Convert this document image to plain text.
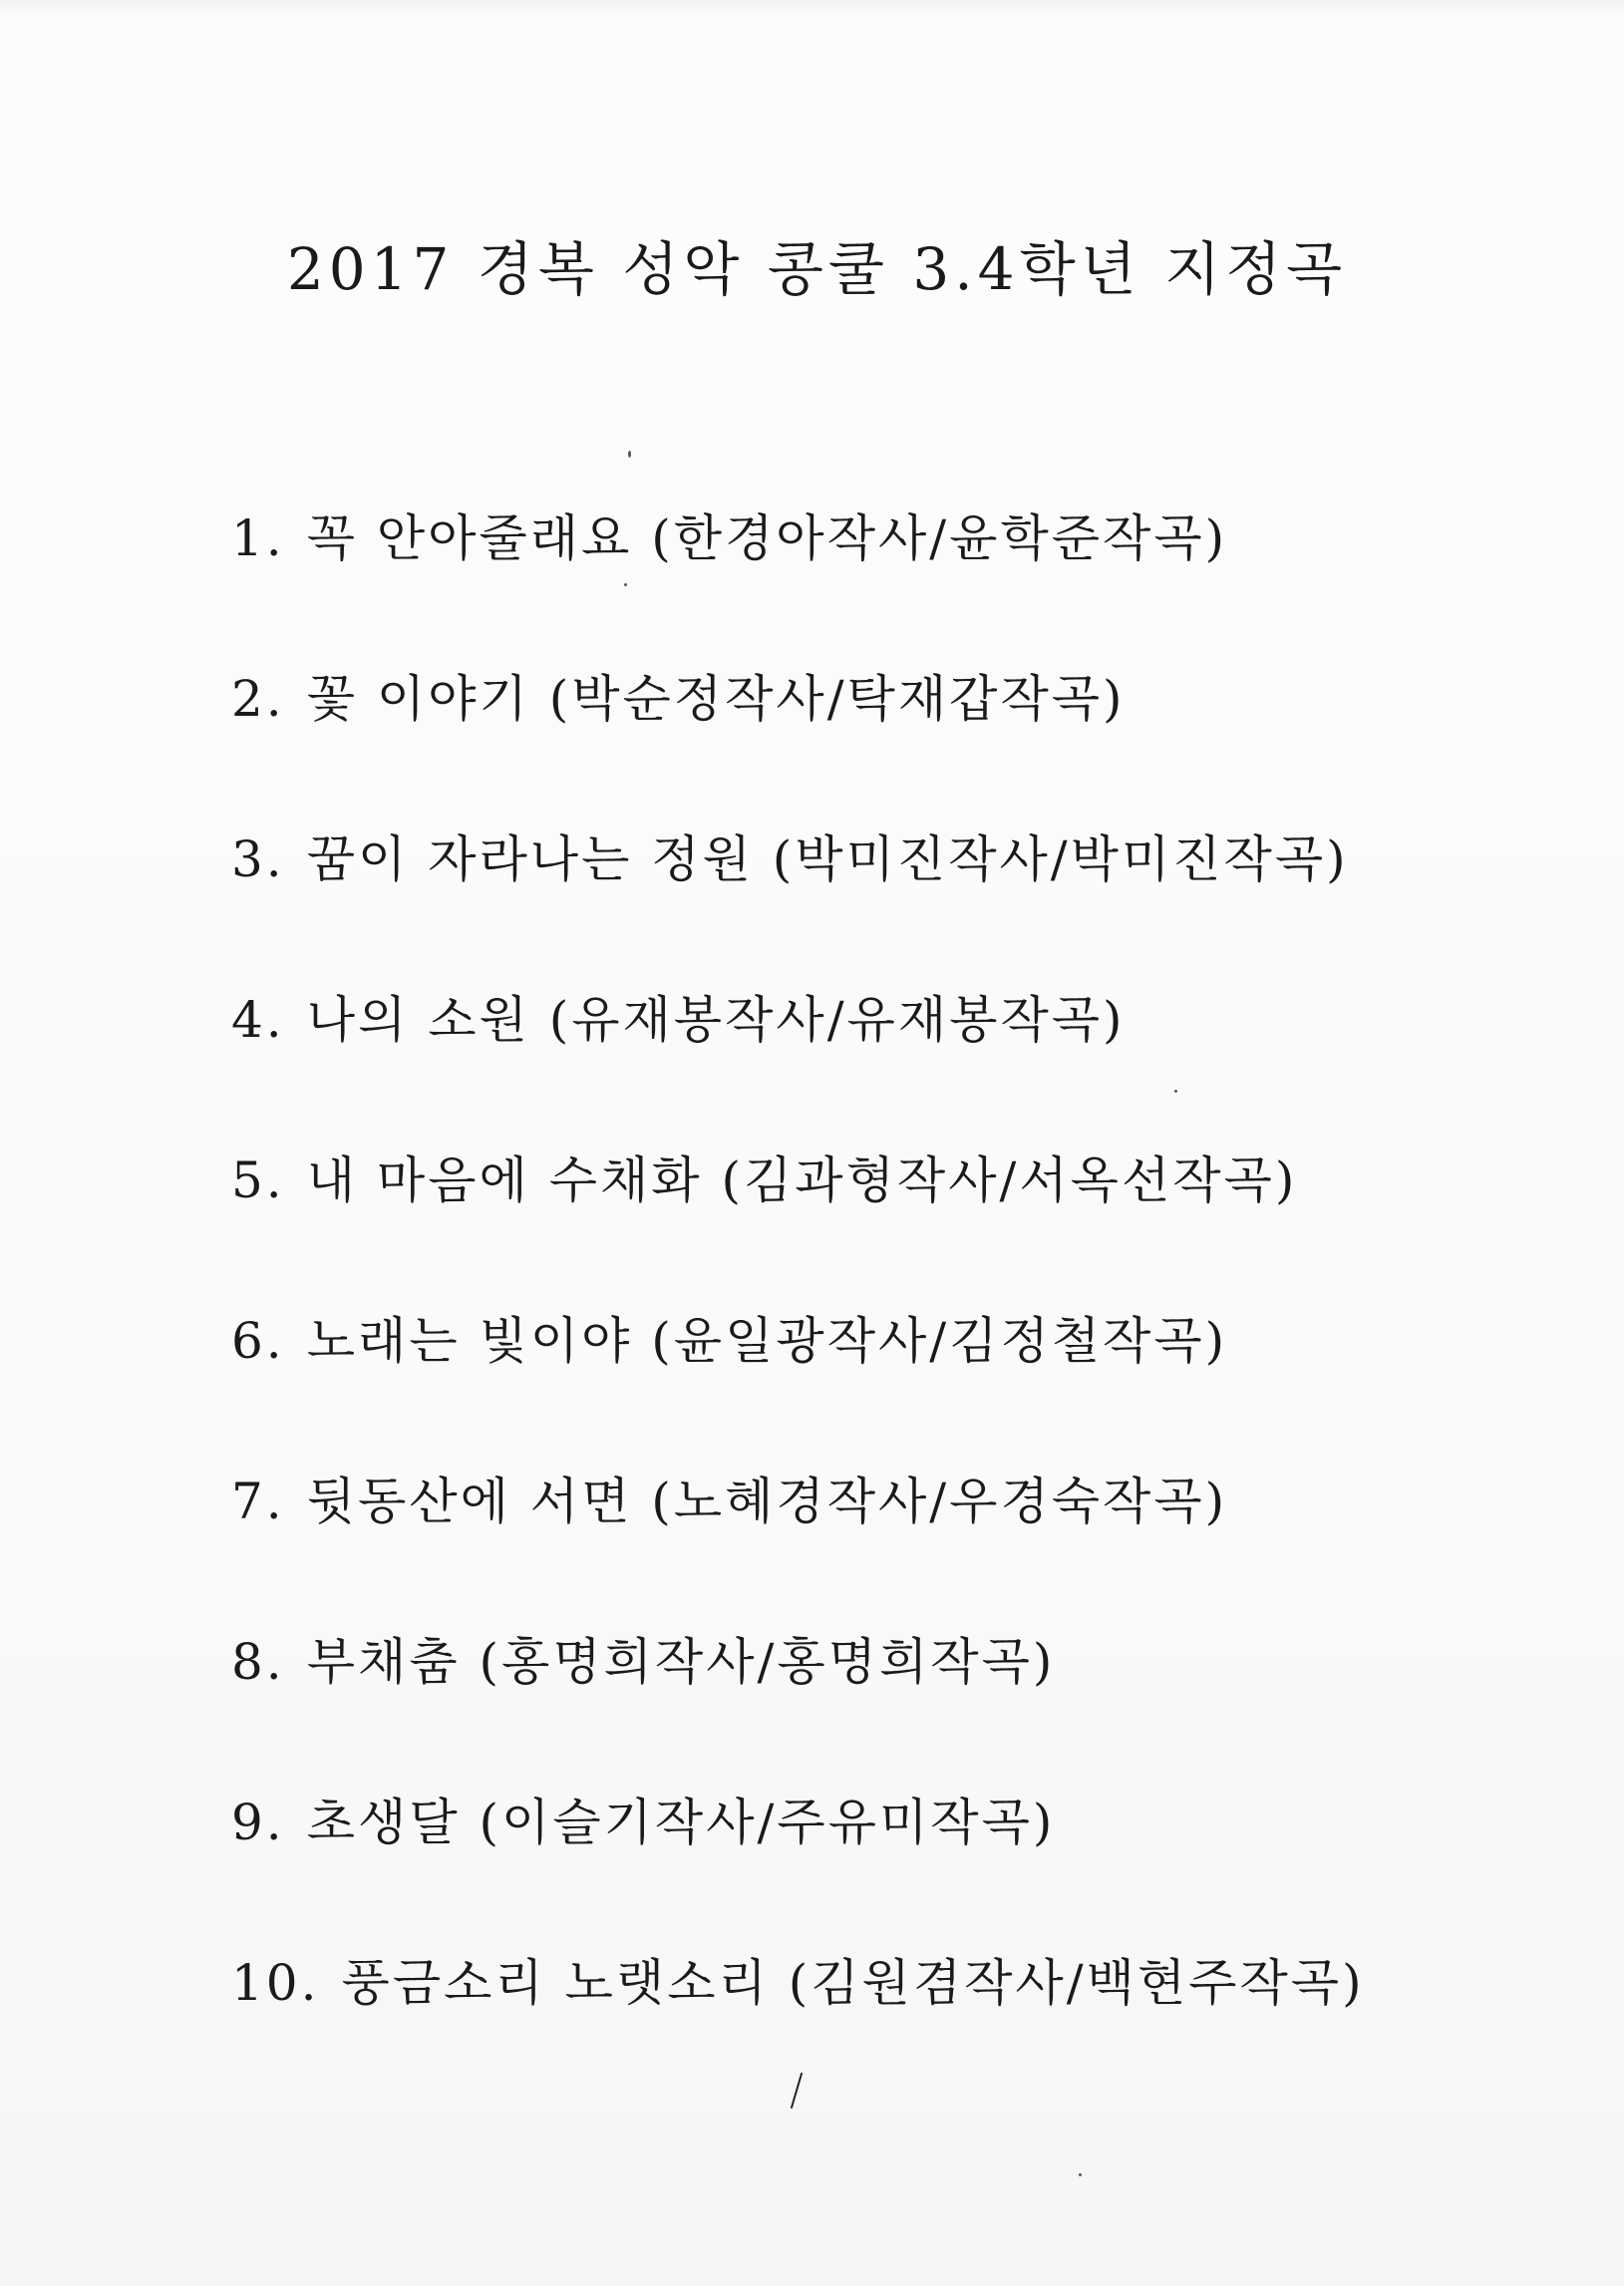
2017 경복 성악 콩쿨 3.4학년 지정곡
1. 꼭 안아줄래요 (한경아작사/윤학준작곡)
2. 꽃 이야기 (박순정작사/탁재갑작곡)
3. 꿈이 자라나는 정원 (박미진작사/박미진작곡)
4. 나의 소원 (유재봉작사/유재봉작곡)
5. 내 마음에 수채화 (김과형작사/서옥선작곡)
6. 노래는 빛이야 (윤일광작사/김정철작곡)
7. 뒷동산에 서면 (노혜경작사/우경숙작곡)
8. 부채춤 (홍명희작사/홍명희작곡)
9. 초생달 (이슬기작사/주유미작곡)
10. 풍금소리 노랫소리 (김원겸작사/백현주작곡)
